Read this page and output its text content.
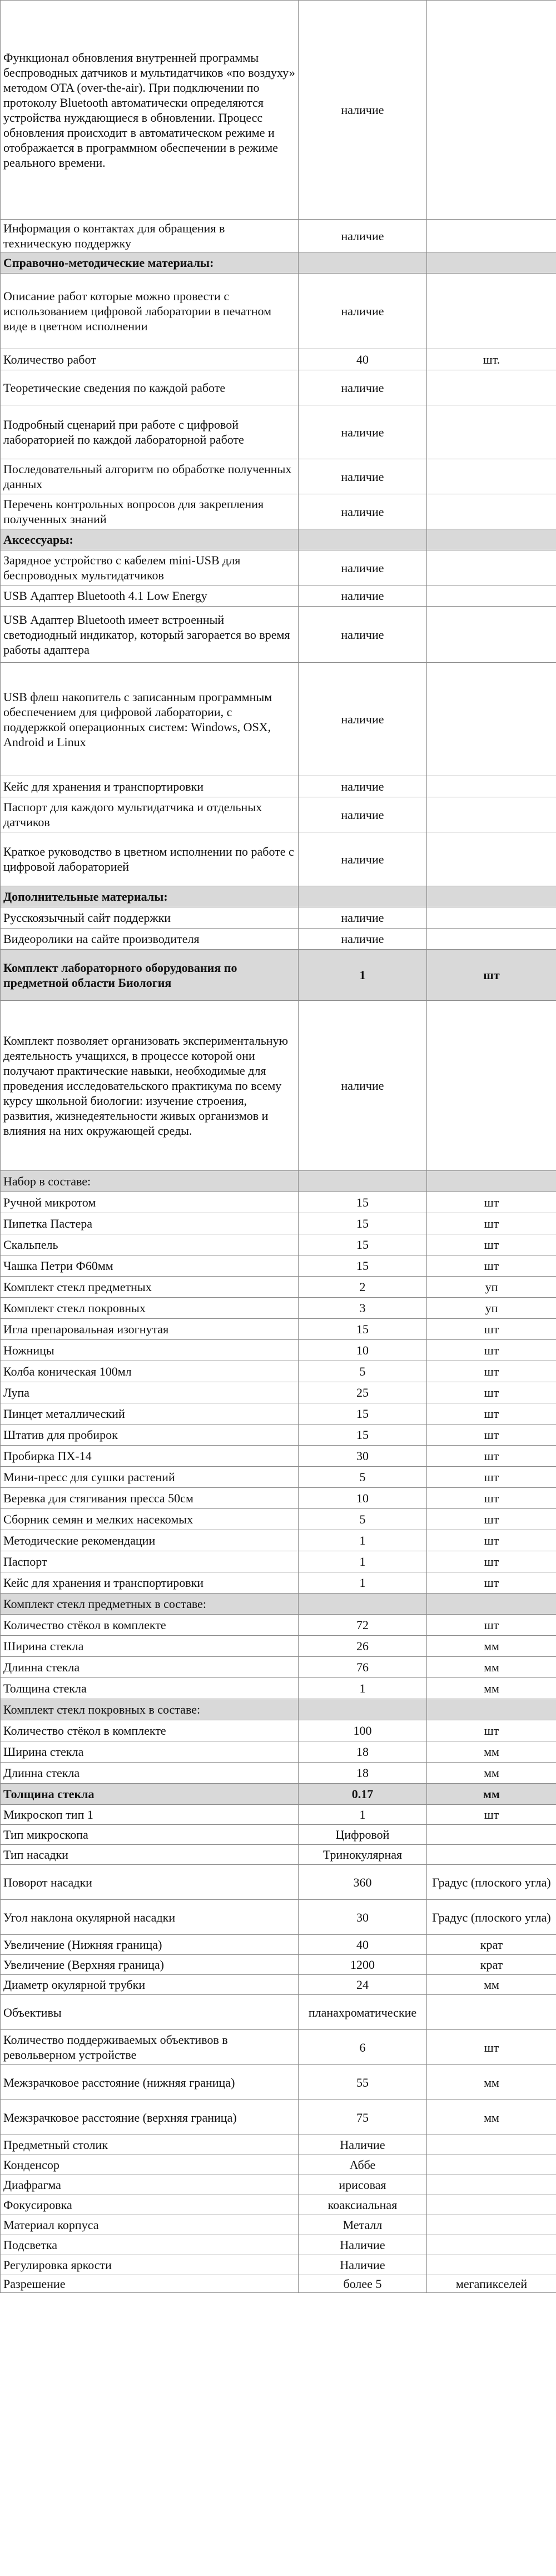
Функционал обновления внутренней программы беспроводных датчиков и мультидатчиков «по воздуху» методом OTA (over-the-air). При подключении по протоколу Bluetooth автоматически определяются устройства нуждающиеся в обновлении. Процесс обновления происходит в автоматическом режиме и отображается в программном обеспечении в режиме реального времени.	наличие	

Информация о контактах для обращения в техническую поддержку	наличие	

Справочно-методические материалы:		

Описание работ которые можно провести с использованием цифровой лаборатории в печатном виде в цветном исполнении	наличие	

Количество работ	40	шт.

Теоретические сведения по каждой работе	наличие	

Подробный сценарий при работе с цифровой лабораторией по каждой лабораторной работе	наличие	

Последовательный алгоритм по обработке полученных данных	наличие	

Перечень контрольных вопросов для закрепления полученных знаний	наличие	

Аксессуары:		

Зарядное устройство с кабелем mini-USB для беспроводных мультидатчиков	наличие	

USB Адаптер Bluetooth 4.1 Low Energy	наличие	

USB Адаптер Bluetooth имеет встроенный светодиодный индикатор, который загорается во время работы адаптера	наличие	

USB флеш накопитель с записанным программным обеспечением для цифровой лаборатории, с поддержкой операционных систем: Windows, OSX, Android и Linux	наличие	

Кейс для хранения и транспортировки	наличие	

Паспорт для каждого мультидатчика и отдельных датчиков	наличие	

Краткое руководство в цветном исполнении по работе с цифровой лабораторией	наличие	

Дополнительные материалы:		

Русскоязычный сайт поддержки	наличие	

Видеоролики на сайте производителя	наличие	

Комплект лабораторного оборудования по предметной области Биология	1	шт

Комплект позволяет организовать экспериментальную деятельность учащихся, в процессе которой они получают практические навыки, необходимые для проведения исследовательского практикума по всему курсу школьной биологии: изучение строения, развития, жизнедеятельности живых организмов и влияния на них окружающей среды.	наличие	

Набор в составе:		

Ручной микротом	15	шт

Пипетка Пастера	15	шт

Скальпель	15	шт

Чашка Петри Ф60мм	15	шт

Комплект стекл предметных	2	уп

Комплект стекл покровных	3	уп

Игла препаровальная изогнутая	15	шт

Ножницы	10	шт

Колба коническая 100мл	5	шт

Лупа	25	шт

Пинцет металлический	15	шт

Штатив для пробирок	15	шт

Пробирка ПХ-14	30	шт

Мини-пресс для сушки растений	5	шт

Веревка для стягивания пресса 50см	10	шт

Сборник семян и мелких насекомых	5	шт

Методические рекомендации	1	шт

Паспорт	1	шт

Кейс для хранения и транспортировки	1	шт

Комплект стекл предметных в составе:		

Количество стёкол в комплекте	72	шт

Ширина стекла	26	мм

Длинна стекла	76	мм

Толщина стекла	1	мм

Комплект стекл покровных в составе:		

Количество стёкол в комплекте	100	шт

Ширина стекла	18	мм

Длинна стекла	18	мм

Толщина стекла	0.17	мм

Микроскоп тип 1	1	шт

Тип микроскопа	Цифровой	

Тип насадки	Тринокулярная	

Поворот насадки	360	Градус (плоского угла)

Угол наклона окулярной насадки	30	Градус (плоского угла)

Увеличение (Нижняя граница)	40	крат

Увеличение (Верхняя граница)	1200	крат

Диаметр окулярной трубки	24	мм

Объективы	планахроматические	

Количество поддерживаемых объективов в револьверном устройстве	6	шт

Межзрачковое расстояние (нижняя граница)	55	мм

Межзрачковое расстояние (верхняя граница)	75	мм

Предметный столик	Наличие	

Конденсор	Аббе	

Диафрагма	ирисовая	

Фокусировка	коаксиальная	

Материал корпуса	Металл	

Подсветка	Наличие	

Регулировка яркости	Наличие	

Разрешение	более 5	мегапикселей
